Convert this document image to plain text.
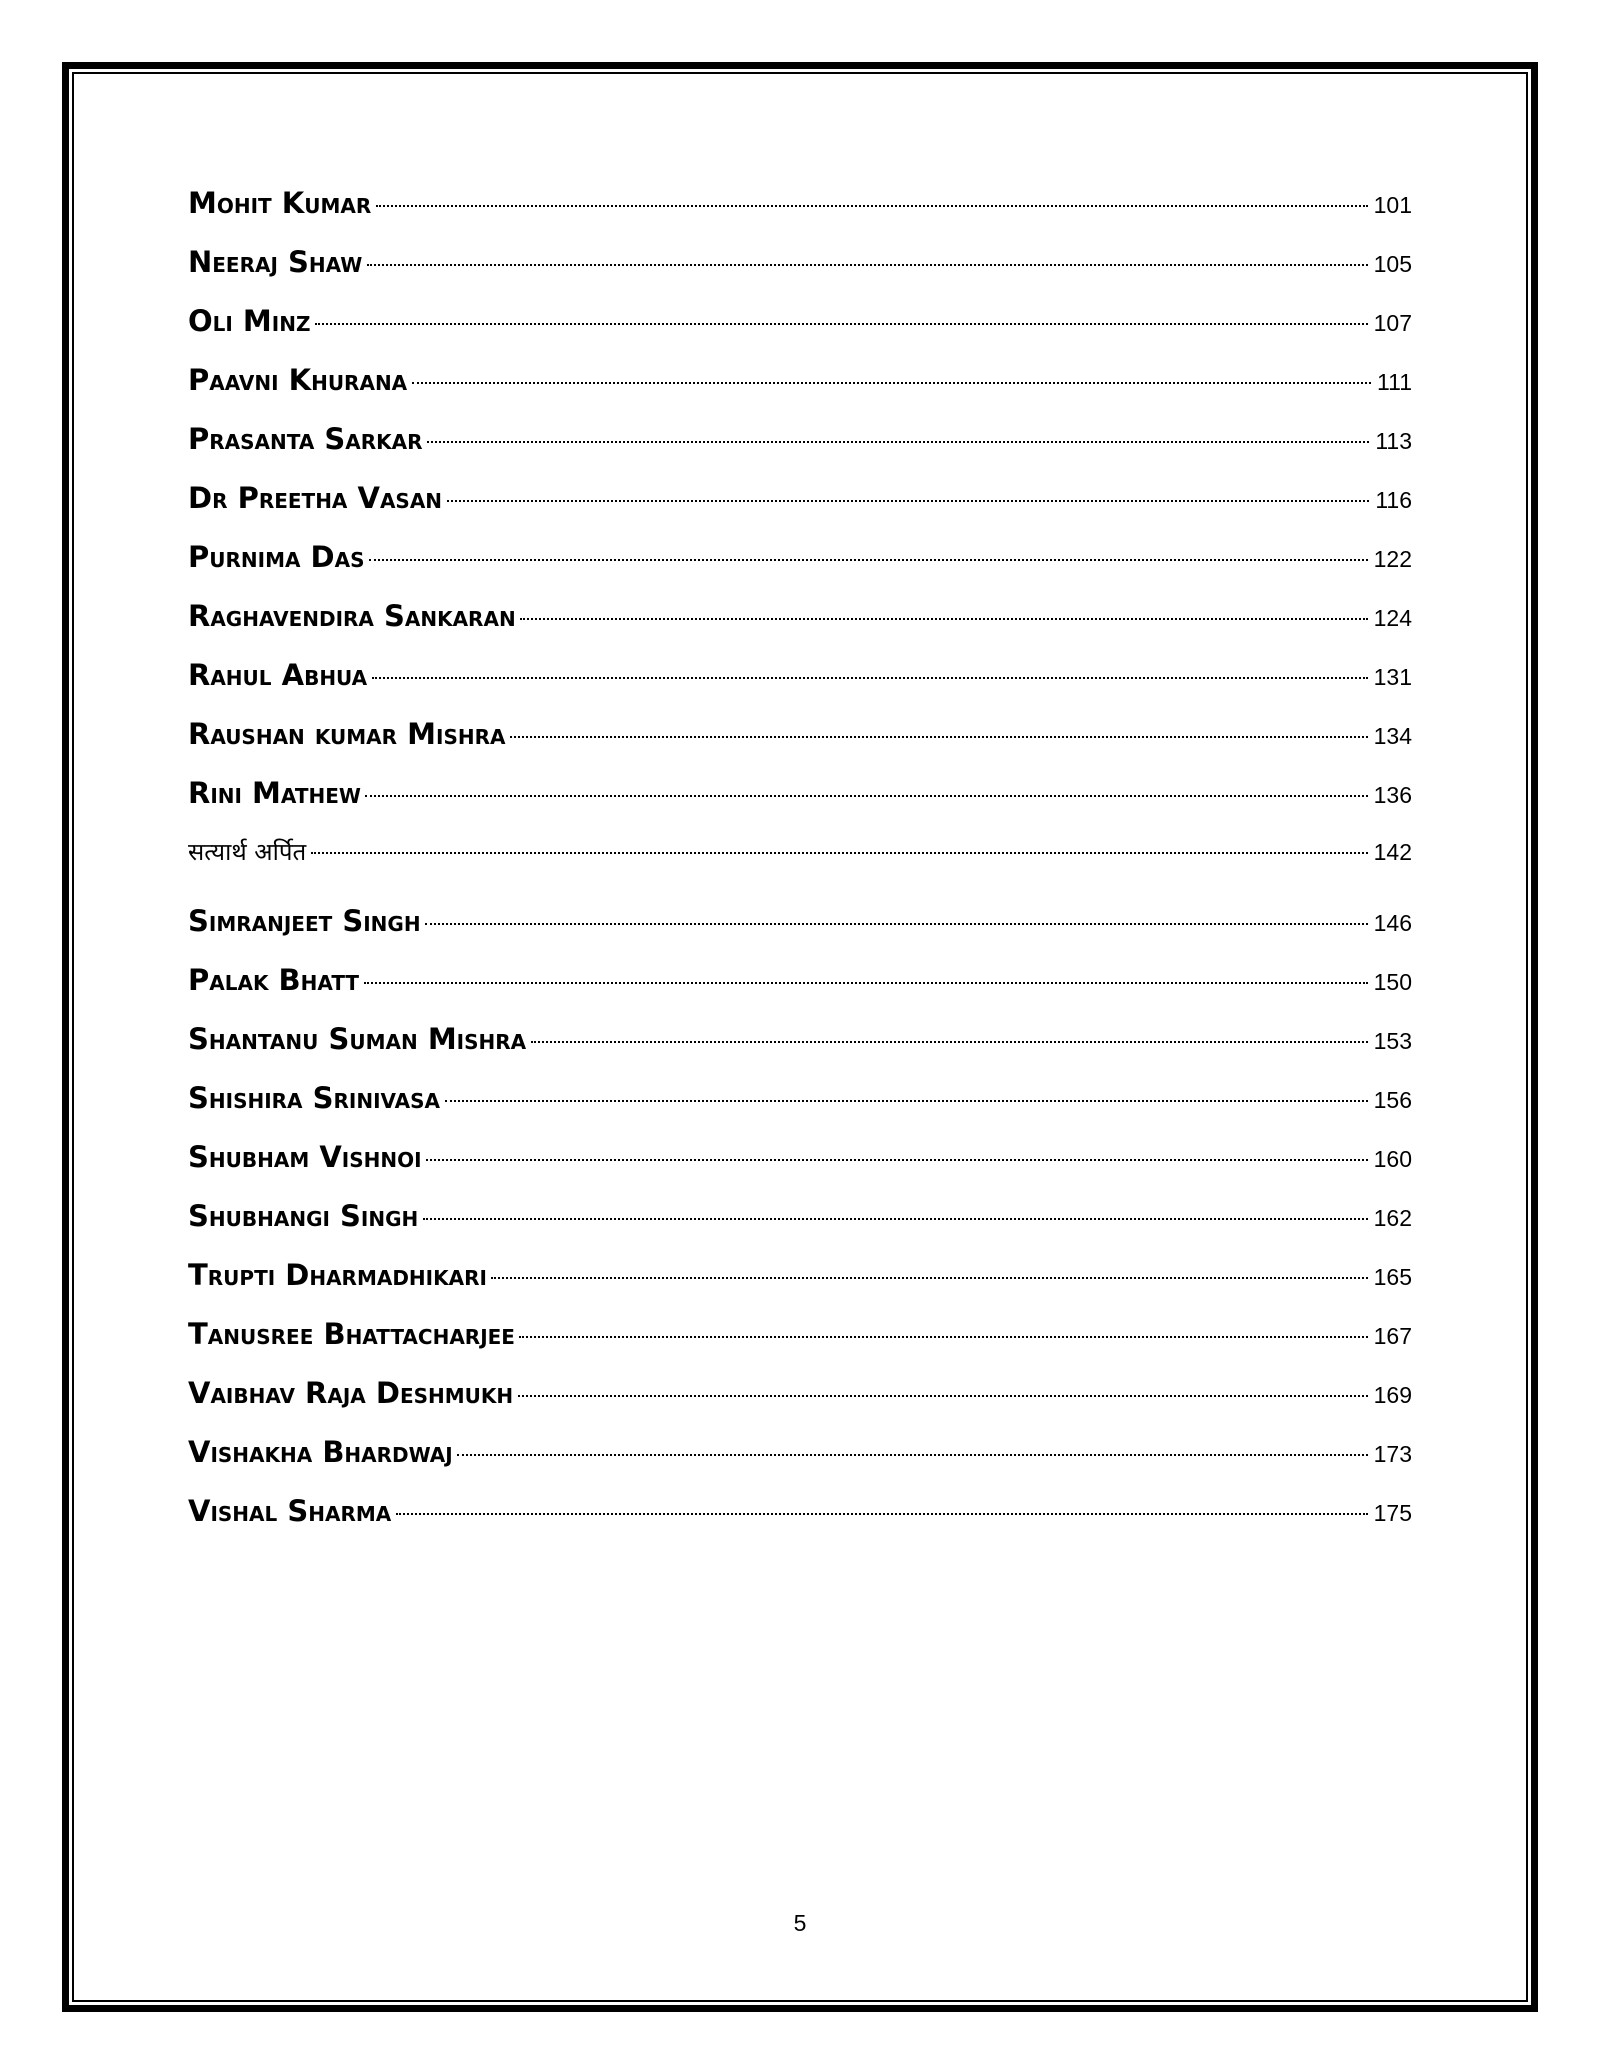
Mohit Kumar	101
Neeraj Shaw	105
Oli Minz	107
Paavni Khurana	111
Prasanta Sarkar	113
Dr Preetha Vasan	116
Purnima Das	122
Raghavendira Sankaran	124
Rahul Abhua	131
Raushan kumar Mishra	134
Rini Mathew	136
सत्यार्थ अर्पित	142
Simranjeet Singh	146
Palak Bhatt	150
Shantanu Suman Mishra	153
Shishira Srinivasa	156
Shubham Vishnoi	160
Shubhangi Singh	162
Trupti Dharmadhikari	165
Tanusree Bhattacharjee	167
Vaibhav Raja Deshmukh	169
Vishakha Bhardwaj	173
Vishal Sharma	175
5
